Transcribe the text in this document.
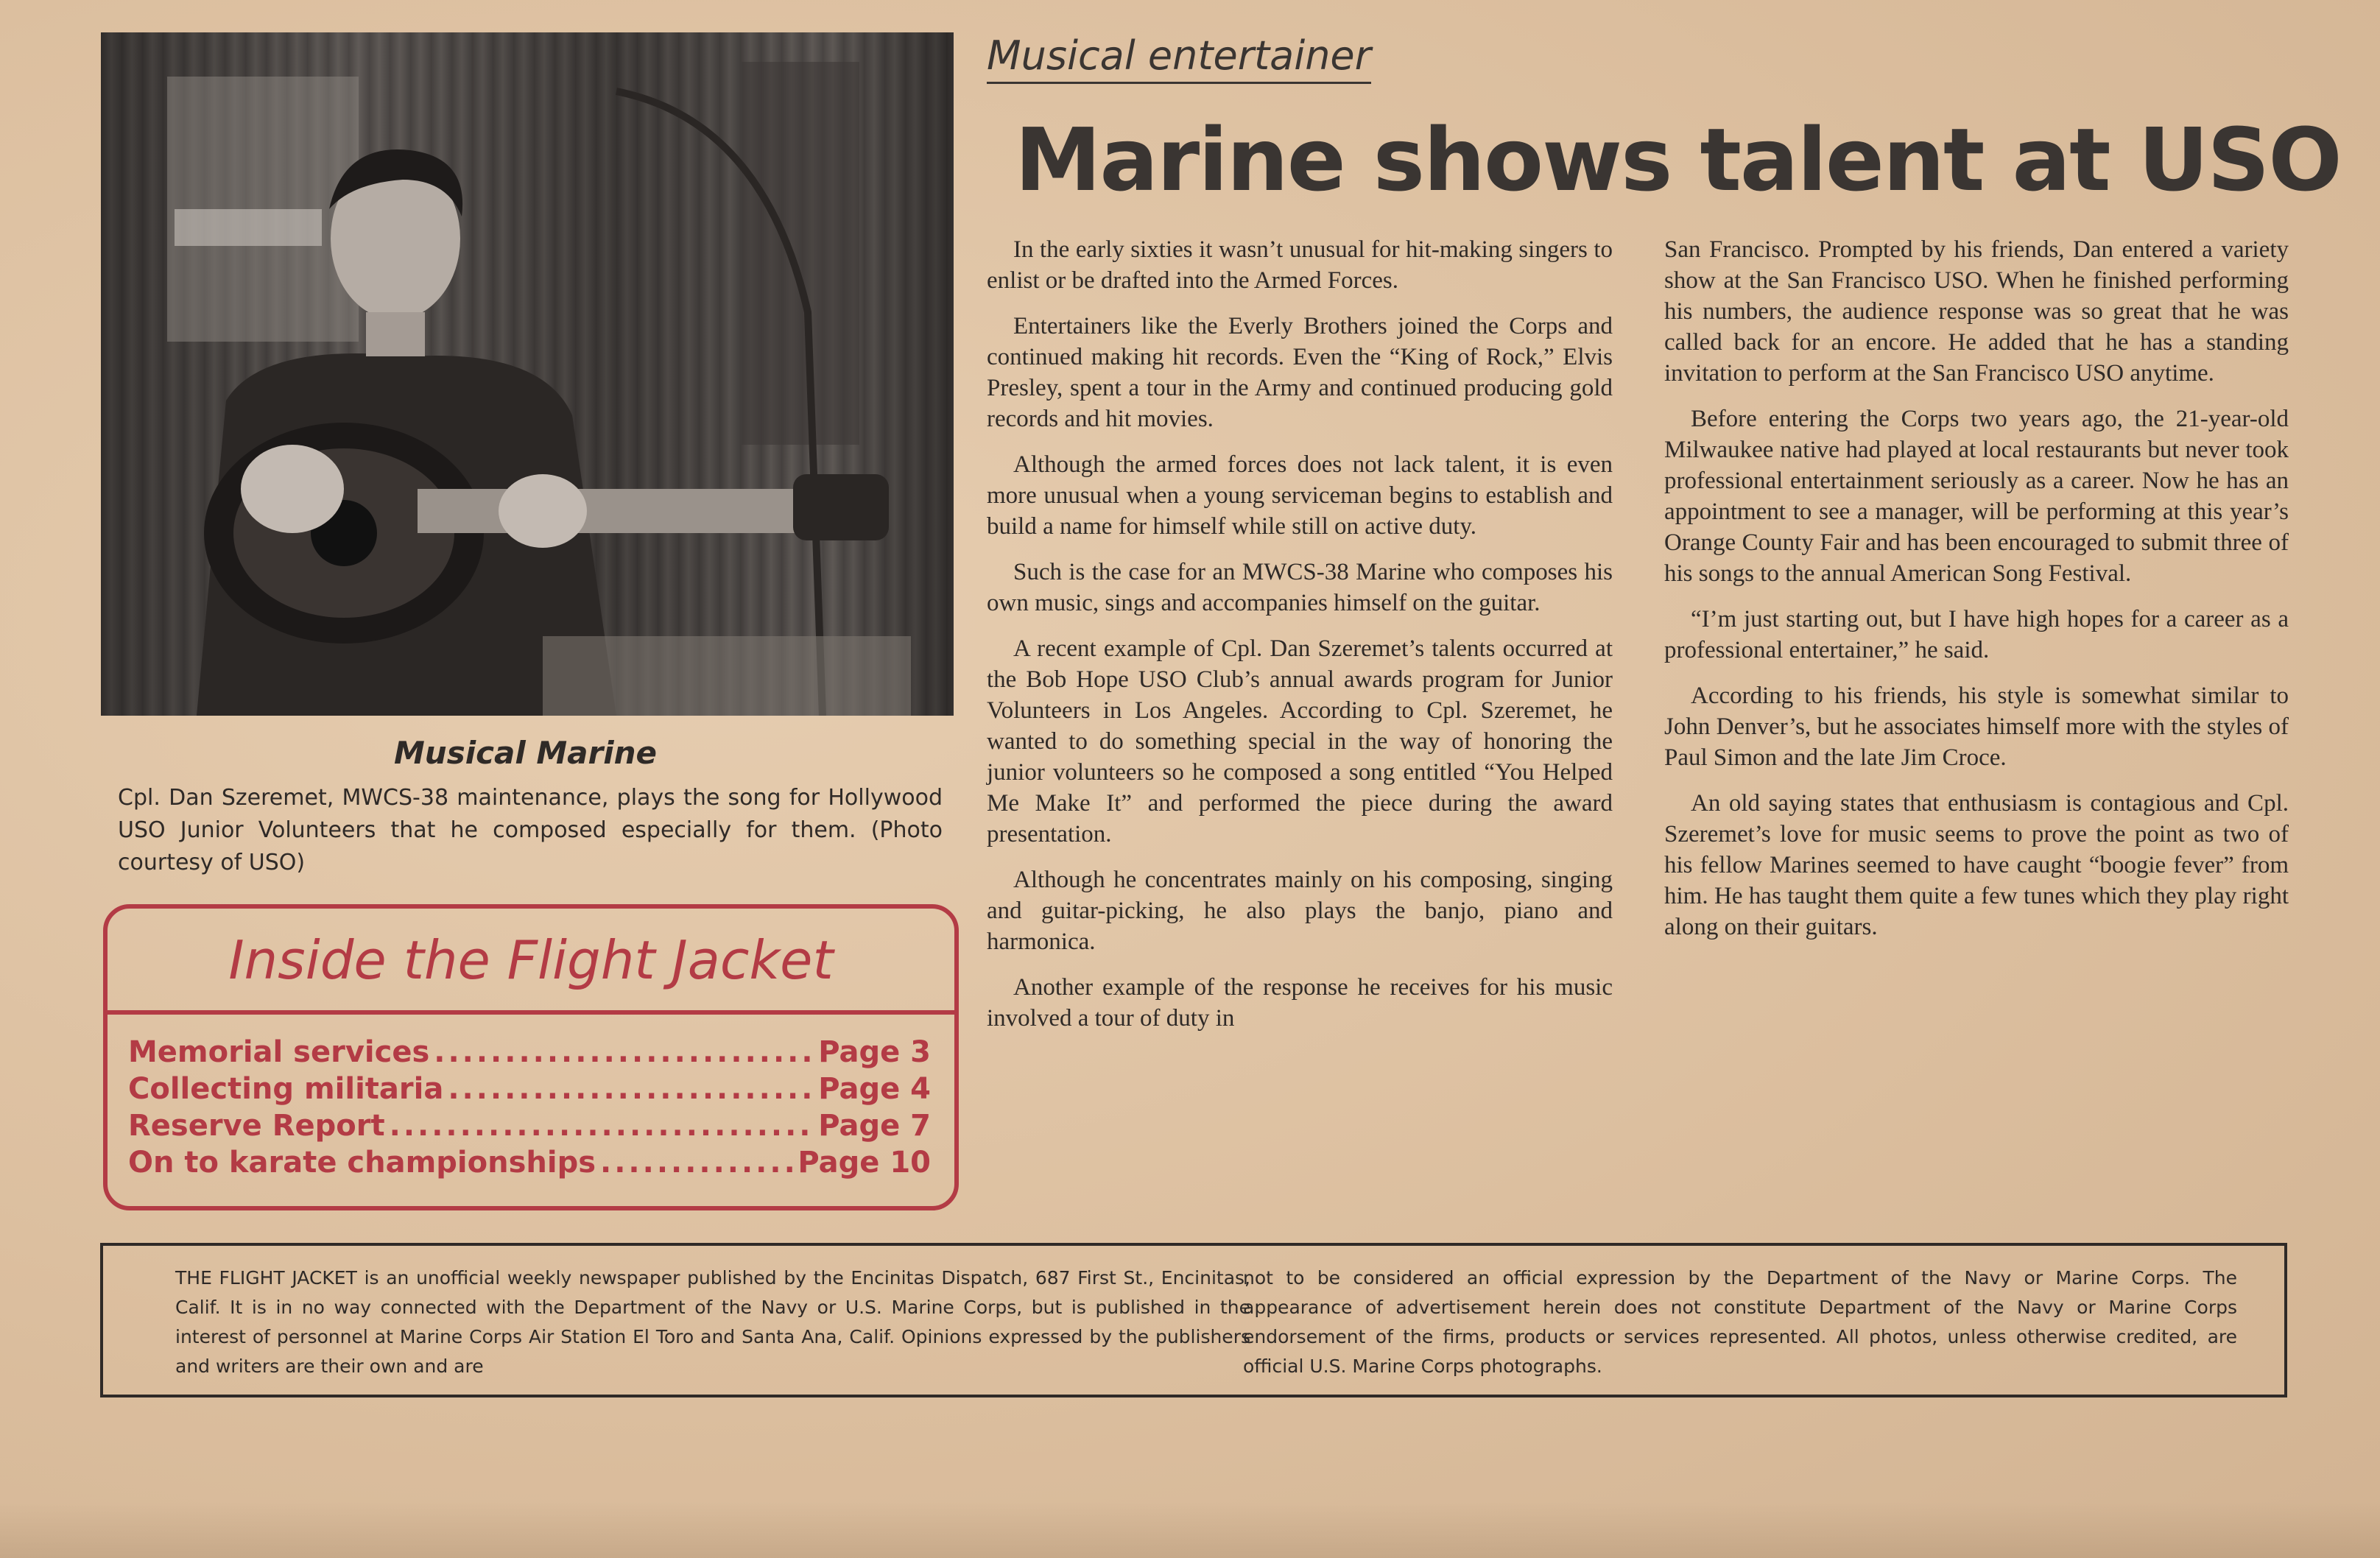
Musical entertainer
Marine shows talent at USO

In the early sixties it wasn’t unusual for hit-making singers to enlist or be drafted into the Armed Forces.

Entertainers like the Everly Brothers joined the Corps and continued making hit records. Even the “King of Rock,” Elvis Presley, spent a tour in the Army and continued producing gold records and hit movies.

Although the armed forces does not lack talent, it is even more unusual when a young serviceman begins to establish and build a name for himself while still on active duty.

Such is the case for an MWCS-38 Marine who composes his own music, sings and accompanies himself on the guitar.

A recent example of Cpl. Dan Szeremet’s talents occurred at the Bob Hope USO Club’s annual awards program for Junior Volunteers in Los Angeles. According to Cpl. Szeremet, he wanted to do something special in the way of honoring the junior volunteers so he composed a song entitled “You Helped Me Make It” and performed the piece during the award presentation.

Although he concentrates mainly on his composing, singing and guitar-picking, he also plays the banjo, piano and harmonica.

Another example of the response he receives for his music involved a tour of duty in

San Francisco. Prompted by his friends, Dan entered a variety show at the San Francisco USO. When he finished performing his numbers, the audience response was so great that he was called back for an encore. He added that he has a standing invitation to perform at the San Francisco USO anytime.

Before entering the Corps two years ago, the 21-year-old Milwaukee native had played at local restaurants but never took professional entertainment seriously as a career. Now he has an appointment to see a manager, will be performing at this year’s Orange County Fair and has been encouraged to submit three of his songs to the annual American Song Festival.

“I’m just starting out, but I have high hopes for a career as a professional entertainer,” he said.

According to his friends, his style is somewhat similar to John Denver’s, but he associates himself more with the styles of Paul Simon and the late Jim Croce.

An old saying states that enthusiasm is contagious and Cpl. Szeremet’s love for music seems to prove the point as two of his fellow Marines seemed to have caught “boogie fever” from him. He has taught them quite a few tunes which they play right along on their guitars.

Musical Marine
Cpl. Dan Szeremet, MWCS-38 maintenance, plays the song for Hollywood USO Junior Volunteers that he composed especially for them. (Photo courtesy of USO)
Inside the Flight Jacket
Memorial services .....	Page 3
Collecting militaria .....	Page 4
Reserve Report .....	Page 7
On to karate championships .....	Page 10
THE FLIGHT JACKET is an unofficial weekly newspaper published by the Encinitas Dispatch, 687 First St., Encinitas, Calif. It is in no way connected with the Department of the Navy or U.S. Marine Corps, but is published in the interest of personnel at Marine Corps Air Station El Toro and Santa Ana, Calif. Opinions expressed by the publishers and writers are their own and are
not to be considered an official expression by the Department of the Navy or Marine Corps. The appearance of advertisement herein does not constitute Department of the Navy or Marine Corps endorsement of the firms, products or services represented. All photos, unless otherwise credited, are official U.S. Marine Corps photographs.
